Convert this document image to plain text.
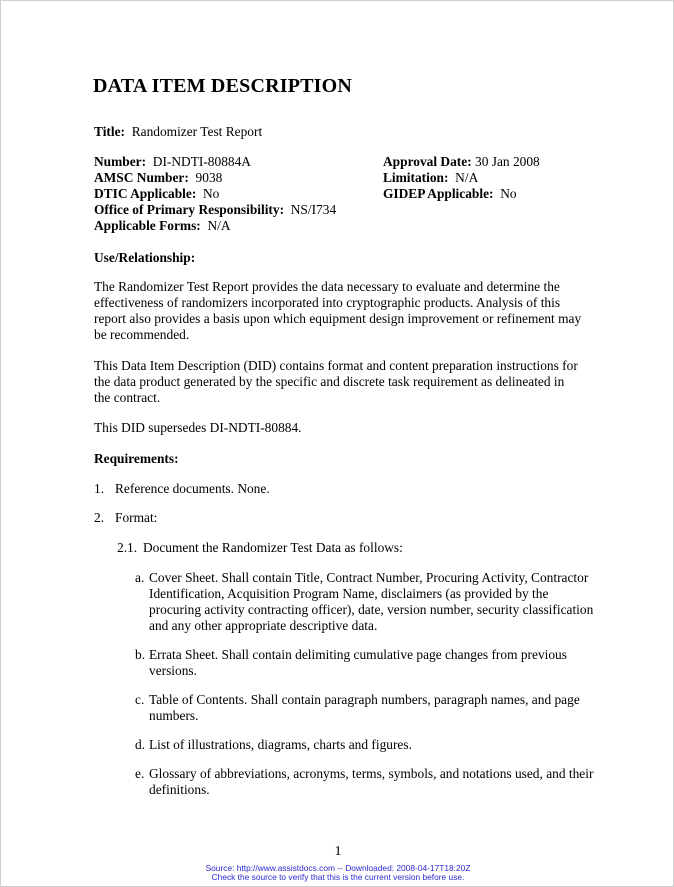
DATA ITEM DESCRIPTION
Title: Randomizer Test Report
Number: DI-NDTI-80884A
AMSC Number: 9038
DTIC Applicable: No
Office of Primary Responsibility: NS/I734
Applicable Forms: N/A
Approval Date: 30 Jan 2008
Limitation: N/A
GIDEP Applicable: No
Use/Relationship:
The Randomizer Test Report provides the data necessary to evaluate and determine the effectiveness of randomizers incorporated into cryptographic products. Analysis of this report also provides a basis upon which equipment design improvement or refinement may be recommended.
This Data Item Description (DID) contains format and content preparation instructions for the data product generated by the specific and discrete task requirement as delineated in the contract.
This DID supersedes DI-NDTI-80884.
Requirements:
1. Reference documents. None.
2. Format:
2.1. Document the Randomizer Test Data as follows:
a. Cover Sheet. Shall contain Title, Contract Number, Procuring Activity, Contractor Identification, Acquisition Program Name, disclaimers (as provided by the procuring activity contracting officer), date, version number, security classification and any other appropriate descriptive data.
b. Errata Sheet. Shall contain delimiting cumulative page changes from previous versions.
c. Table of Contents. Shall contain paragraph numbers, paragraph names, and page numbers.
d. List of illustrations, diagrams, charts and figures.
e. Glossary of abbreviations, acronyms, terms, symbols, and notations used, and their definitions.
1
Source: http://www.assistdocs.com -- Downloaded: 2008-04-17T18:20Z
Check the source to verify that this is the current version before use.
